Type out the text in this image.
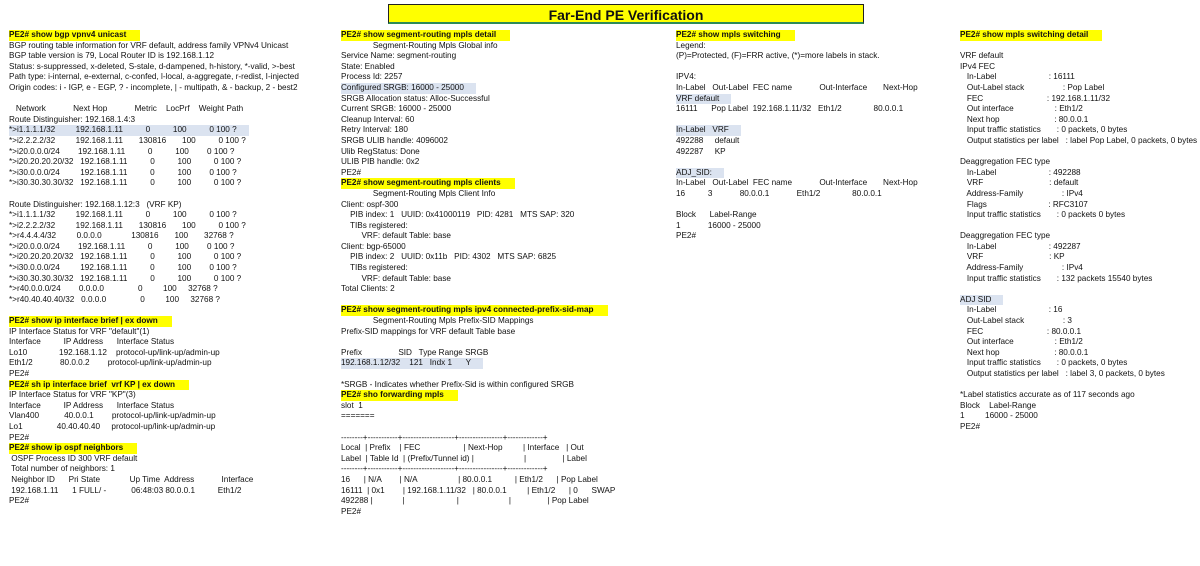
Far-End PE Verification
PE2# show bgp vpnv4 unicast
BGP routing table information for VRF default, address family VPNv4 Unicast
BGP table version is 79, Local Router ID is 192.168.1.12
Status: s-suppressed, x-deleted, S-stale, d-dampened, h-history, *-valid, >-best
Path type: i-internal, e-external, c-confed, l-local, a-aggregate, r-redist, I-injected
Origin codes: i - IGP, e - EGP, ? - incomplete, | - multipath, & - backup, 2 - best2
Network            Next Hop            Metric    LocPrf    Weight Path
Route Distinguisher: 192.168.1.4:3
*>i1.1.1.1/32         192.168.1.11          0          100          0 100 ?
*>i2.2.2.2/32         192.168.1.11       130816       100          0 100 ?
*>i20.0.0.0/24        192.168.1.11          0          100        0 100 ?
*>i20.20.20.20/32   192.168.1.11          0          100          0 100 ?
*>i30.0.0.0/24         192.168.1.11          0          100        0 100 ?
*>i30.30.30.30/32   192.168.1.11          0          100          0 100 ?
Route Distinguisher: 192.168.1.12:3   (VRF KP)
*>i1.1.1.1/32         192.168.1.11          0          100          0 100 ?
*>i2.2.2.2/32         192.168.1.11       130816       100          0 100 ?
*>r4.4.4.4/32         0.0.0.0             130816       100       32768 ?
*>i20.0.0.0/24        192.168.1.11          0          100        0 100 ?
*>i20.20.20.20/32   192.168.1.11          0          100          0 100 ?
*>i30.0.0.0/24         192.168.1.11          0          100        0 100 ?
*>i30.30.30.30/32   192.168.1.11          0          100          0 100 ?
*>r40.0.0.0/24        0.0.0.0               0         100     32768 ?
*>r40.40.40.40/32   0.0.0.0               0         100     32768 ?
PE2# show ip interface brief | ex down
IP Interface Status for VRF "default"(1)
Interface          IP Address      Interface Status
Lo10              192.168.1.12    protocol-up/link-up/admin-up
Eth1/2            80.0.0.2        protocol-up/link-up/admin-up
PE2#
PE2# sh ip interface brief  vrf KP | ex down
IP Interface Status for VRF "KP"(3)
Interface          IP Address      Interface Status
Vlan400           40.0.0.1        protocol-up/link-up/admin-up
Lo1               40.40.40.40     protocol-up/link-up/admin-up
PE2#
PE2# show ip ospf neighbors
OSPF Process ID 300 VRF default
Total number of neighbors: 1
Neighbor ID      Pri State             Up Time  Address            Interface
192.168.1.11      1 FULL/ -           06:48:03 80.0.0.1          Eth1/2
PE2#
PE2# show segment-routing mpls detail
Segment-Routing Mpls Global info
Service Name: segment-routing
State: Enabled
Process Id: 2257
Configured SRGB: 16000 - 25000
SRGB Allocation status: Alloc-Successful
Current SRGB: 16000 - 25000
Cleanup Interval: 60
Retry Interval: 180
SRGB ULIB handle: 4096002
Ulib RegStatus: Done
ULIB PIB handle: 0x2
PE2#
PE2# show segment-routing mpls clients
Segment-Routing Mpls Client Info
Client: ospf-300
PIB index: 1   UUID: 0x41000119   PID: 4281   MTS SAP: 320
TIBs registered:
VRF: default Table: base
Client: bgp-65000
PIB index: 2   UUID: 0x11b   PID: 4302   MTS SAP: 6825
TIBs registered:
VRF: default Table: base
Total Clients: 2
PE2# show segment-routing mpls ipv4 connected-prefix-sid-map
Segment-Routing Mpls Prefix-SID Mappings
Prefix-SID mappings for VRF default Table base
Prefix                SID   Type Range SRGB
192.168.1.12/32    121   Indx 1      Y
*SRGB - Indicates whether Prefix-Sid is within configured SRGB
PE2# sho forwarding mpls
slot  1
=======
--------+-----------+-------------------+----------------+-------------+
Local  | Prefix    | FEC                   | Next-Hop         | Interface   | Out
Label  | Table Id  | (Prefix/Tunnel id) |                      |                | Label
--------+-----------+-------------------+----------------+-------------+
16      | N/A        | N/A                  | 80.0.0.1          | Eth1/2      | Pop Label
16111  | 0x1        | 192.168.1.11/32   | 80.0.0.1         | Eth1/2      | 0      SWAP
492288 |             |                       |                      |                | Pop Label
PE2#
PE2# show mpls switching
Legend:
(P)=Protected, (F)=FRR active, (*)=more labels in stack.
IPV4:
In-Label   Out-Label  FEC name            Out-Interface       Next-Hop
VRF default
16111      Pop Label  192.168.1.11/32   Eth1/2              80.0.0.1
In-Label   VRF
492288     default
492287     KP
ADJ_SID:
In-Label   Out-Label  FEC name            Out-Interface       Next-Hop
16          3            80.0.0.1            Eth1/2              80.0.0.1
Block      Label-Range
1            16000 - 25000
PE2#
PE2# show mpls switching detail
VRF default
IPv4 FEC
In-Label                       : 16111
Out-Label stack                 : Pop Label
FEC                            : 192.168.1.11/32
Out interface                  : Eth1/2
Next hop                        : 80.0.0.1
Input traffic statistics       : 0 packets, 0 bytes
Output statistics per label   : label Pop Label, 0 packets, 0 bytes
Deaggregation FEC type
In-Label                       : 492288
VRF                             : default
Address-Family                 : IPv4
Flags                           : RFC3107
Input traffic statistics       : 0 packets 0 bytes
Deaggregation FEC type
In-Label                       : 492287
VRF                             : KP
Address-Family                 : IPv4
Input traffic statistics       : 132 packets 15540 bytes
ADJ SID
In-Label                       : 16
Out-Label stack                 : 3
FEC                            : 80.0.0.1
Out interface                  : Eth1/2
Next hop                        : 80.0.0.1
Input traffic statistics       : 0 packets, 0 bytes
Output statistics per label   : label 3, 0 packets, 0 bytes
*Label statistics accurate as of 117 seconds ago
Block    Label-Range
1         16000 - 25000
PE2#
